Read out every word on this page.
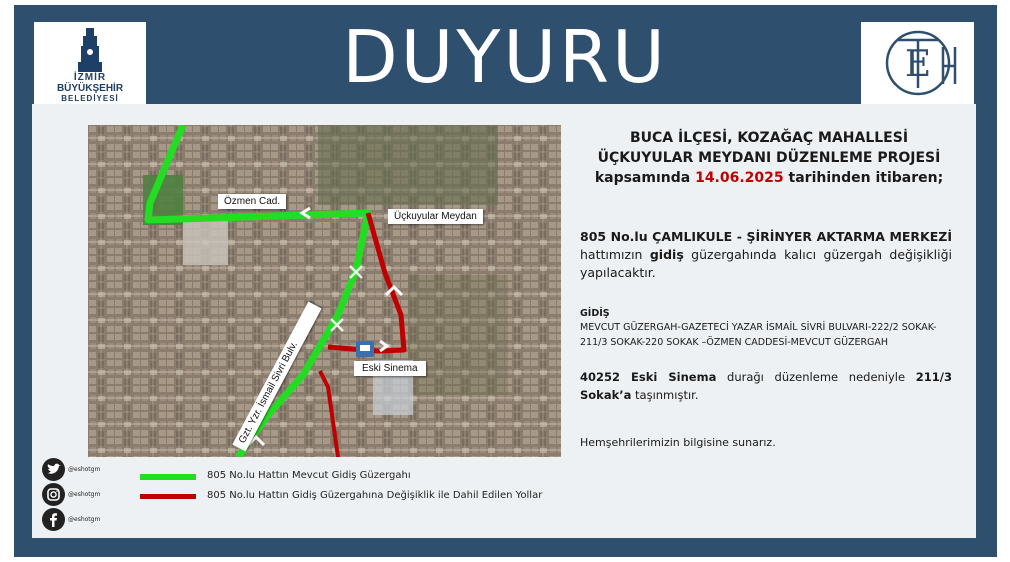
İZMİR
BÜYÜKŞEHİR
BELEDİYESİ	DUYURU	E
Özmen Cad.
Üçkuyular Meydan
Eski Sinema
Gzt. Yzr. İsmail Sivri Bulv.
BUCA İLÇESİ, KOZAĞAÇ MAHALLESİ
ÜÇKUYULAR MEYDANI DÜZENLEME PROJESİ
kapsamında 14.06.2025 tarihinden itibaren;
805 No.lu ÇAMLIKULE - ŞİRİNYER AKTARMA MERKEZİ hattımızın gidiş güzergahında kalıcı güzergah değişikliği yapılacaktır.
GİDİŞ
MEVCUT GÜZERGAH-GAZETECİ YAZAR İSMAİL SİVRİ BULVARI-222/2 SOKAK-211/3 SOKAK-220 SOKAK –ÖZMEN CADDESİ-MEVCUT GÜZERGAH
40252 Eski Sinema durağı düzenleme nedeniyle 211/3 Sokak’a taşınmıştır.
Hemşehrilerimizin bilgisine sunarız.
805 No.lu Hattın Mevcut Gidiş Güzergahı
805 No.lu Hattın Gidiş Güzergahına Değişiklik ile Dahil Edilen Yollar
@eshotgm
@eshotgm
@eshotgm
